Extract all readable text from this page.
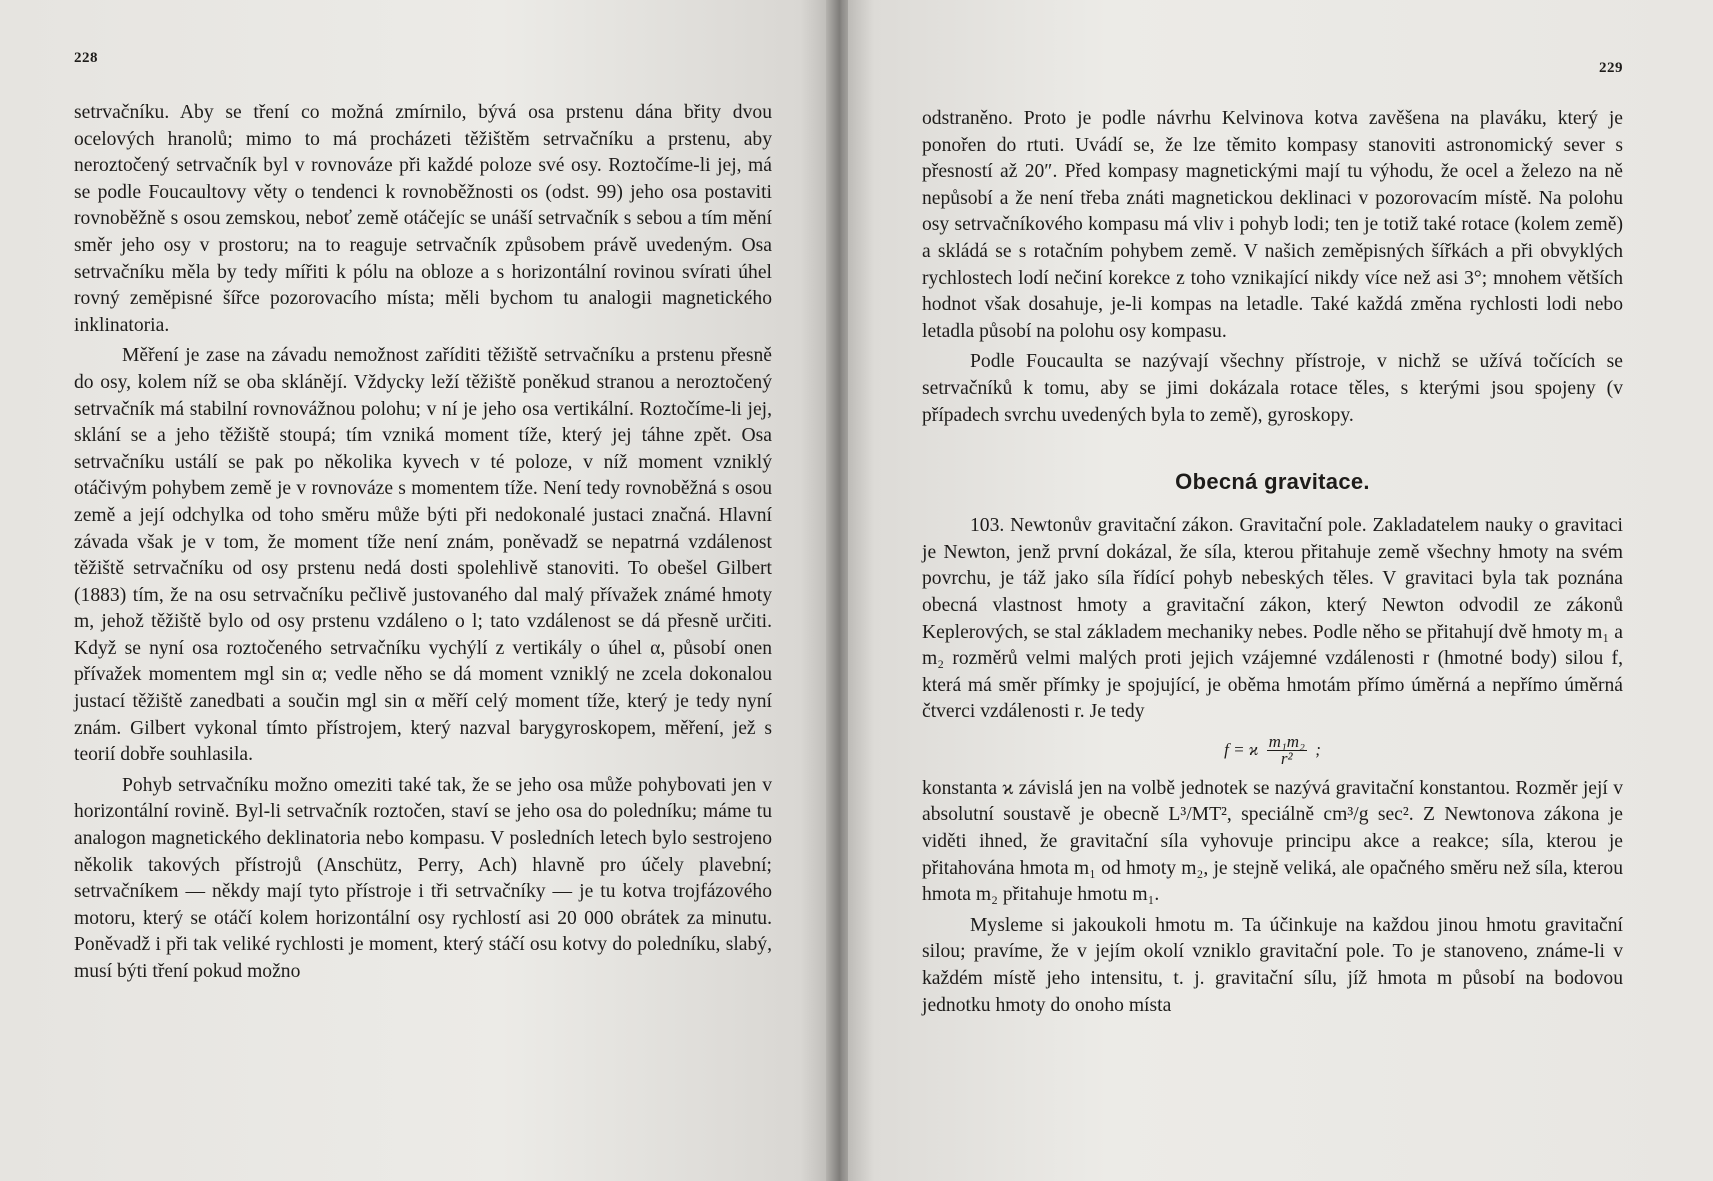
228

setrvačníku. Aby se tření co možná zmírnilo, bývá osa prstenu dána břity dvou ocelových hranolů; mimo to má procházeti těžištěm setrvačníku a prstenu, aby neroztočený setrvačník byl v rovnováze při každé poloze své osy. Roztočíme-li jej, má se podle Foucaultovy věty o tendenci k rovnoběžnosti os (odst. 99) jeho osa postaviti rovnoběžně s osou zemskou, neboť země otáčejíc se unáší setrvačník s sebou a tím mění směr jeho osy v prostoru; na to reaguje setrvačník způsobem právě uvedeným. Osa setrvačníku měla by tedy mířiti k pólu na obloze a s horizontální rovinou svírati úhel rovný zeměpisné šířce pozorovacího místa; měli bychom tu analogii magnetického inklinatoria.

Měření je zase na závadu nemožnost zaříditi těžiště setrvačníku a prstenu přesně do osy, kolem níž se oba sklánějí. Vždycky leží těžiště poněkud stranou a neroztočený setrvačník má stabilní rovnovážnou polohu; v ní je jeho osa vertikální. Roztočíme-li jej, sklání se a jeho těžiště stoupá; tím vzniká moment tíže, který jej táhne zpět. Osa setrvačníku ustálí se pak po několika kyvech v té poloze, v níž moment vzniklý otáčivým pohybem země je v rovnováze s momentem tíže. Není tedy rovnoběžná s osou země a její odchylka od toho směru může býti při nedokonalé justaci značná. Hlavní závada však je v tom, že moment tíže není znám, poněvadž se nepatrná vzdálenost těžiště setrvačníku od osy prstenu nedá dosti spolehlivě stanoviti. To obešel Gilbert (1883) tím, že na osu setrvačníku pečlivě justovaného dal malý přívažek známé hmoty m, jehož těžiště bylo od osy prstenu vzdáleno o l; tato vzdálenost se dá přesně určiti. Když se nyní osa roztočeného setrvačníku vychýlí z vertikály o úhel α, působí onen přívažek momentem mgl sin α; vedle něho se dá moment vzniklý ne zcela dokonalou justací těžiště zanedbati a součin mgl sin α měří celý moment tíže, který je tedy nyní znám. Gilbert vykonal tímto přístrojem, který nazval barygyroskopem, měření, jež s teorií dobře souhlasila.

Pohyb setrvačníku možno omeziti také tak, že se jeho osa může pohybovati jen v horizontální rovině. Byl-li setrvačník roztočen, staví se jeho osa do poledníku; máme tu analogon magnetického deklinatoria nebo kompasu. V posledních letech bylo sestrojeno několik takových přístrojů (Anschütz, Perry, Ach) hlavně pro účely plavební; setrvačníkem — někdy mají tyto přístroje i tři setrvačníky — je tu kotva trojfázového motoru, který se otáčí kolem horizontální osy rychlostí asi 20 000 obrátek za minutu. Poněvadž i při tak veliké rychlosti je moment, který stáčí osu kotvy do poledníku, slabý, musí býti tření pokud možno

229

odstraněno. Proto je podle návrhu Kelvinova kotva zavěšena na plaváku, který je ponořen do rtuti. Uvádí se, že lze těmito kompasy stanoviti astronomický sever s přesností až 20″. Před kompasy magnetickými mají tu výhodu, že ocel a železo na ně nepůsobí a že není třeba znáti magnetickou deklinaci v pozorovacím místě. Na polohu osy setrvačníkového kompasu má vliv i pohyb lodi; ten je totiž také rotace (kolem země) a skládá se s rotačním pohybem země. V našich zeměpisných šířkách a při obvyklých rychlostech lodí nečiní korekce z toho vznikající nikdy více než asi 3°; mnohem větších hodnot však dosahuje, je-li kompas na letadle. Také každá změna rychlosti lodi nebo letadla působí na polohu osy kompasu.

Podle Foucaulta se nazývají všechny přístroje, v nichž se užívá točících se setrvačníků k tomu, aby se jimi dokázala rotace těles, s kterými jsou spojeny (v případech svrchu uvedených byla to země), gyroskopy.

Obecná gravitace.

103. Newtonův gravitační zákon. Gravitační pole. Zakladatelem nauky o gravitaci je Newton, jenž první dokázal, že síla, kterou přitahuje země všechny hmoty na svém povrchu, je táž jako síla řídící pohyb nebeských těles. V gravitaci byla tak poznána obecná vlastnost hmoty a gravitační zákon, který Newton odvodil ze zákonů Keplerových, se stal základem mechaniky nebes. Podle něho se přitahují dvě hmoty m₁ a m₂ rozměrů velmi malých proti jejich vzájemné vzdálenosti r (hmotné body) silou f, která má směr přímky je spojující, je oběma hmotám přímo úměrná a nepřímo úměrná čtverci vzdálenosti r. Je tedy

f = ϰ $\frac{\text{m₁m₂}}{\text{r²}}$ ;

konstanta ϰ závislá jen na volbě jednotek se nazývá gravitační konstantou. Rozměr její v absolutní soustavě je obecně L³/MT², speciálně cm³/g sec². Z Newtonova zákona je viděti ihned, že gravitační síla vyhovuje principu akce a reakce; síla, kterou je přitahována hmota m₁ od hmoty m₂, je stejně veliká, ale opačného směru než síla, kterou hmota m₂ přitahuje hmotu m₁.

Mysleme si jakoukoli hmotu m. Ta účinkuje na každou jinou hmotu gravitační silou; pravíme, že v jejím okolí vzniklo gravitační pole. To je stanoveno, známe-li v každém místě jeho intensitu, t. j. gravitační sílu, jíž hmota m působí na bodovou jednotku hmoty do onoho místa
